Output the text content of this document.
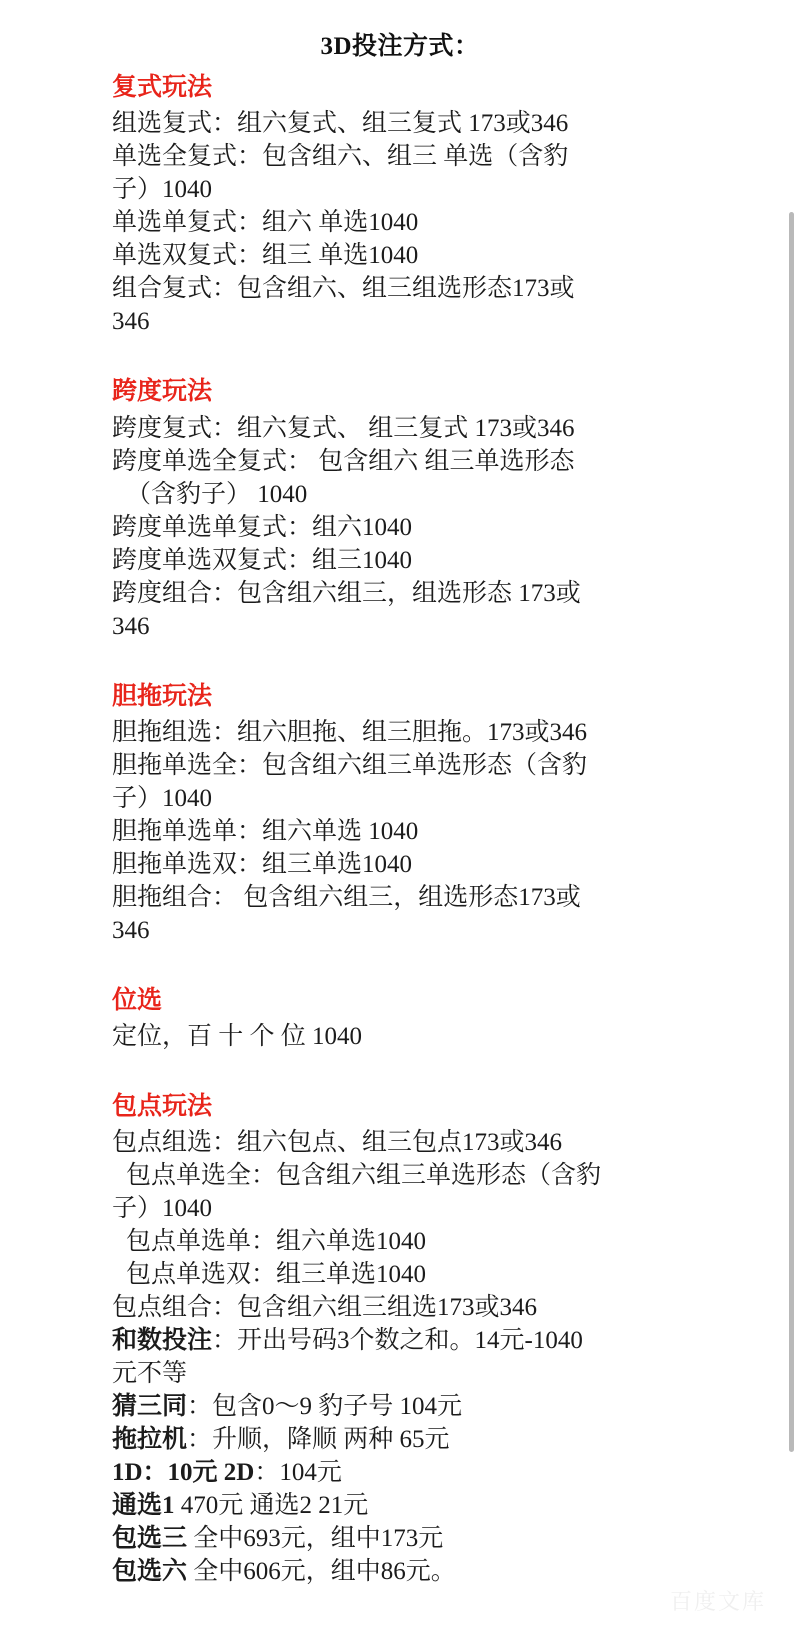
3D投注方式：
复式玩法
组选复式：组六复式、组三复式 173或346
单选全复式：包含组六、组三 单选（含豹
子）1040
单选单复式：组六 单选1040
单选双复式：组三 单选1040
组合复式：包含组六、组三组选形态173或
346
跨度玩法
跨度复式：组六复式、 组三复式 173或346
跨度单选全复式： 包含组六 组三单选形态
（含豹子） 1040
跨度单选单复式：组六1040
跨度单选双复式：组三1040
跨度组合：包含组六组三，组选形态 173或
346
胆拖玩法
胆拖组选：组六胆拖、组三胆拖。173或346
胆拖单选全：包含组六组三单选形态（含豹
子）1040
胆拖单选单：组六单选 1040
胆拖单选双：组三单选1040
胆拖组合： 包含组六组三，组选形态173或
346
位选
定位，百 十 个 位 1040
包点玩法
包点组选：组六包点、组三包点173或346
包点单选全：包含组六组三单选形态（含豹
子）1040
包点单选单：组六单选1040
包点单选双：组三单选1040
包点组合：包含组六组三组选173或346
和数投注：开出号码3个数之和。14元-1040
元不等
猜三同：包含0～9 豹子号 104元
拖拉机：升顺，降顺 两种 65元
1D：10元 2D：104元
通选1 470元 通选2 21元
包选三 全中693元，组中173元
包选六 全中606元，组中86元。
百度文库
